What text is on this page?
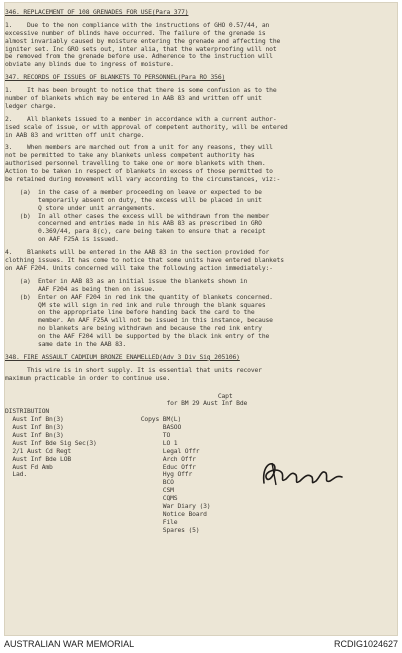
346. REPLACEMENT OF 108 GRENADES FOR USE(Para 377)
1.    Due to the non compliance with the instructions of GHO 0.57/44, an
excessive number of blinds have occurred. The failure of the grenade is
almost invariably caused by moisture entering the grenade and affecting the
igniter set. Inc GRO sets out, inter alia, that the waterproofing will not
be removed from the grenade before use. Adherence to the instruction will
obviate any blinds due to ingress of moisture.
347. RECORDS OF ISSUES OF BLANKETS TO PERSONNEL(Para RO 356)
1.    It has been brought to notice that there is some confusion as to the
number of blankets which may be entered in AAB 83 and written off unit
ledger charge.
2.    All blankets issued to a member in accordance with a current author-
ised scale of issue, or with approval of competent authority, will be entered
in AAB 83 and written off unit charge.
3.    When members are marched out from a unit for any reasons, they will
not be permitted to take any blankets unless competent authority has
authorised personnel travelling to take one or more blankets with them.
Action to be taken in respect of blankets in excess of those permitted to
be retained during movement will vary according to the circumstances, viz:-
(a)  in the case of a member proceeding on leave or expected to be
temporarily absent on duty, the excess will be placed in unit
Q store under unit arrangements.
(b)  In all other cases the excess will be withdrawn from the member
concerned and entries made in his AAB 83 as prescribed in GRO
0.369/44, para 8(c), care being taken to ensure that a receipt
on AAF F25A is issued.
4.    Blankets will be entered in the AAB 83 in the section provided for
clothing issues. It has come to notice that some units have entered blankets
on AAF F204. Units concerned will take the following action immediately:-
(a)  Enter in AAB 83 as an initial issue the blankets shown in
AAF F204 as being then on issue.
(b)  Enter on AAF F204 in red ink the quantity of blankets concerned.
QM ste will sign in red ink and rule through the blank squares
on the appropriate line before handing back the card to the
member. An AAF F25A will not be issued in this instance, because
no blankets are being withdrawn and because the red ink entry
on the AAF F204 will be supported by the black ink entry of the
same date in the AAB 83.
348. FIRE ASSAULT CADMIUM BRONZE ENAMELLED(Adv 3 Div Sig 205106)
This wire is in short supply. It is essential that units recover
maximum practicable in order to continue use.
Capt
for BM 29 Aust Inf Bde
DISTRIBUTION
Aust Inf Bn(3)                     Copys BM(L)
Aust Inf Bn(3)                           BASOO
Aust Inf Bn(3)                           TO
Aust Inf Bde Sig Sec(3)                  LO 1
2/1 Aust Cd Regt                         Legal Offr
Aust Inf Bde LOB                         Arch Offr
Aust Fd Amb                              Educ Offr
Lad.                                     Hyg Offr
BCO
CSM
CQMS
War Diary (3)
Notice Board
File
Spares (5)
AUSTRALIAN WAR MEMORIAL	RCDIG1024627
